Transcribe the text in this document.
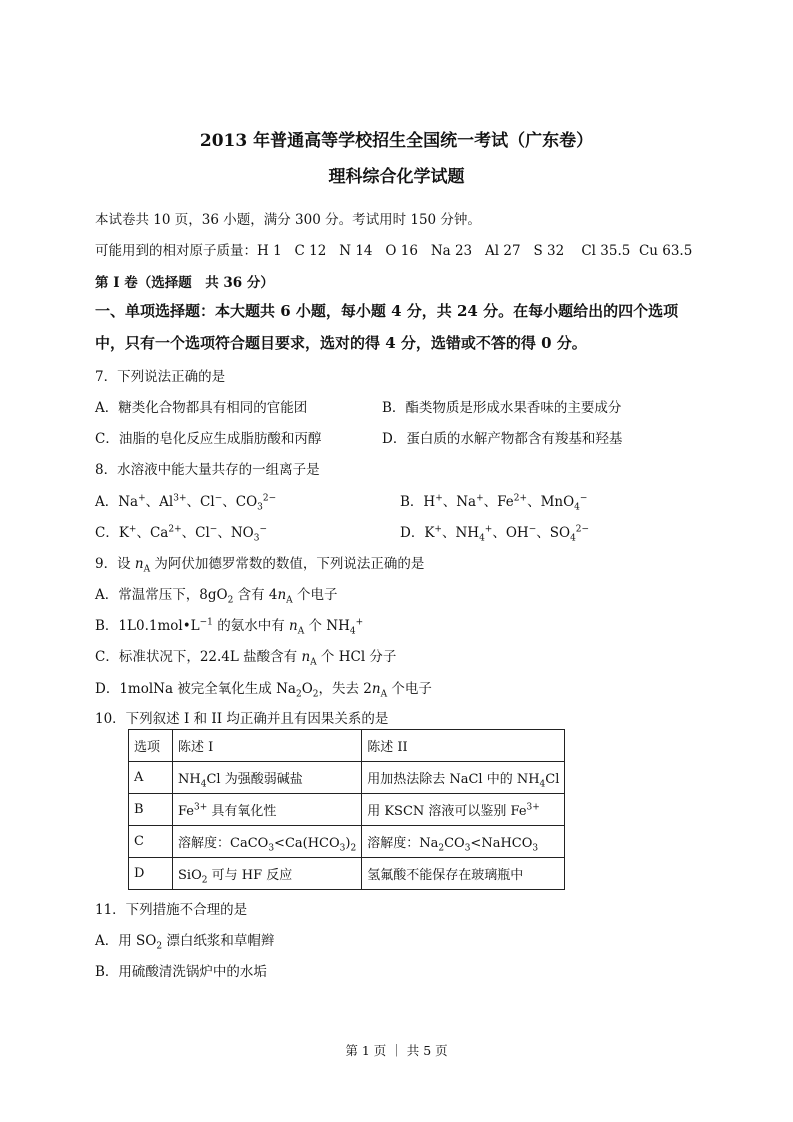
2013 年普通高等学校招生全国统一考试（广东卷）
理科综合化学试题
本试卷共 10 页，36 小题，满分 300 分。考试用时 150 分钟。
可能用到的相对原子质量：H 1 C 12 N 14 O 16 Na 23 Al 27 S 32 Cl 35.5 Cu 63.5
第 I 卷（选择题　共 36 分）
一、单项选择题：本大题共 6 小题，每小题 4 分，共 24 分。在每小题给出的四个选项
中，只有一个选项符合题目要求，选对的得 4 分，选错或不答的得 0 分。
7．下列说法正确的是
A．糖类化合物都具有相同的官能团	B．酯类物质是形成水果香味的主要成分
C．油脂的皂化反应生成脂肪酸和丙醇	D．蛋白质的水解产物都含有羧基和羟基
8．水溶液中能大量共存的一组离子是
A．Na+、$Al^{3+}$、Cl−、$CO_3^{2-}$	B．H+、Na+、$Fe^{2+}$、MnO$_4$−
C．K+、$Ca^{2+}$、Cl−、$NO_3^-$	D．K+、$NH_4^+$、OH−、$SO_4^{2-}$
9．设 $n_A$ 为阿伏加德罗常数的数值，下列说法正确的是
A．常温常压下，$8gO_2$ 含有 $4n_A$ 个电子
B．$1L0.1mol•L^{-1}$ 的氨水中有 $n_A$ 个 $NH_4^+$
C．标准状况下，22.4L 盐酸含有 $n_A$ 个 HCl 分子
D．1molNa 被完全氧化生成 $Na_2O_2$，失去 $2n_A$ 个电子
10．下列叙述 I 和 II 均正确并且有因果关系的是
选项	陈述 I	陈述 II
A	$NH_4Cl$ 为强酸弱碱盐	用加热法除去 NaCl 中的 $NH_4Cl$
B	$Fe^{3+}$ 具有氧化性	用 KSCN 溶液可以鉴别 $Fe^{3+}$
C	溶解度：$CaCO_3<Ca(HCO_3)_2$	溶解度：$Na_2CO_3<NaHCO_3$
D	SiO$_2$ 可与 HF 反应	氢氟酸不能保存在玻璃瓶中
11．下列措施不合理的是
A．用 $SO_2$ 漂白纸浆和草帽辫
B．用硫酸清洗锅炉中的水垢
第 1 页 ｜ 共 5 页
